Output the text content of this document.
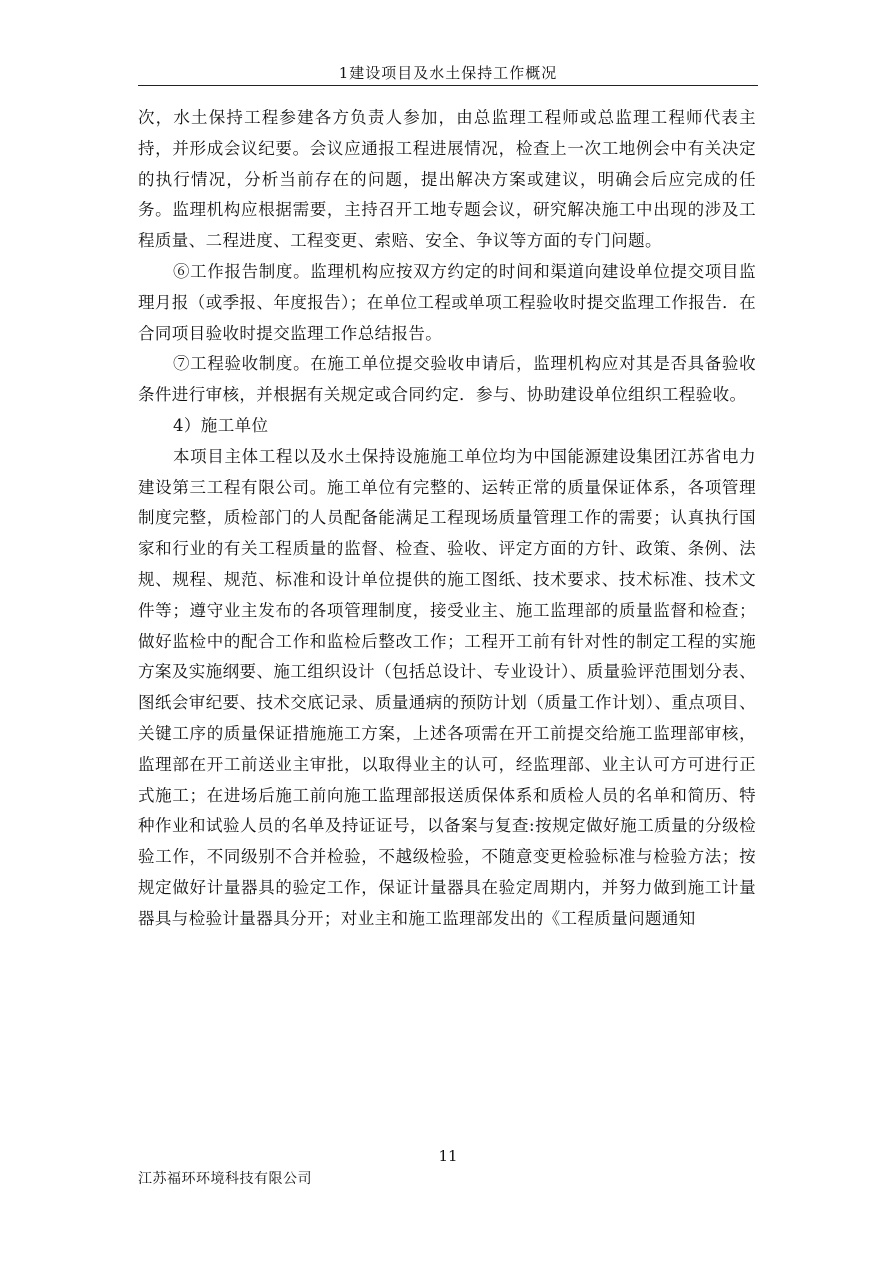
1建设项目及水土保持工作概况

次，水土保持工程参建各方负责人参加，由总监理工程师或总监理工程师代表主持，并形成会议纪要。会议应通报工程进展情况，检查上一次工地例会中有关决定的执行情况，分析当前存在的问题，提出解决方案或建议，明确会后应完成的任务。监理机构应根据需要，主持召开工地专题会议，研究解决施工中出现的涉及工程质量、二程进度、工程变更、索赔、安全、争议等方面的专门问题。

⑥工作报告制度。监理机构应按双方约定的时间和渠道向建设单位提交项目监理月报（或季报、年度报告）；在单位工程或单项工程验收时提交监理工作报告．在合同项目验收时提交监理工作总结报告。

⑦工程验收制度。在施工单位提交验收申请后，监理机构应对其是否具备验收条件进行审核，并根据有关规定或合同约定．参与、协助建设单位组织工程验收。

4）施工单位

本项目主体工程以及水土保持设施施工单位均为中国能源建设集团江苏省电力建设第三工程有限公司。施工单位有完整的、运转正常的质量保证体系，各项管理制度完整，质检部门的人员配备能满足工程现场质量管理工作的需要；认真执行国家和行业的有关工程质量的监督、检查、验收、评定方面的方针、政策、条例、法规、规程、规范、标准和设计单位提供的施工图纸、技术要求、技术标准、技术文件等；遵守业主发布的各项管理制度，接受业主、施工监理部的质量监督和检查；做好监检中的配合工作和监检后整改工作；工程开工前有针对性的制定工程的实施方案及实施纲要、施工组织设计（包括总设计、专业设计）、质量验评范围划分表、图纸会审纪要、技术交底记录、质量通病的预防计划（质量工作计划）、重点项目、关键工序的质量保证措施施工方案，上述各项需在开工前提交给施工监理部审核，监理部在开工前送业主审批，以取得业主的认可，经监理部、业主认可方可进行正式施工；在进场后施工前向施工监理部报送质保体系和质检人员的名单和简历、特种作业和试验人员的名单及持证证号，以备案与复查:按规定做好施工质量的分级检验工作，不同级别不合并检验，不越级检验，不随意变更检验标准与检验方法；按规定做好计量器具的验定工作，保证计量器具在验定周期内，并努力做到施工计量器具与检验计量器具分开；对业主和施工监理部发出的《工程质量问题通知

11
江苏福环环境科技有限公司
